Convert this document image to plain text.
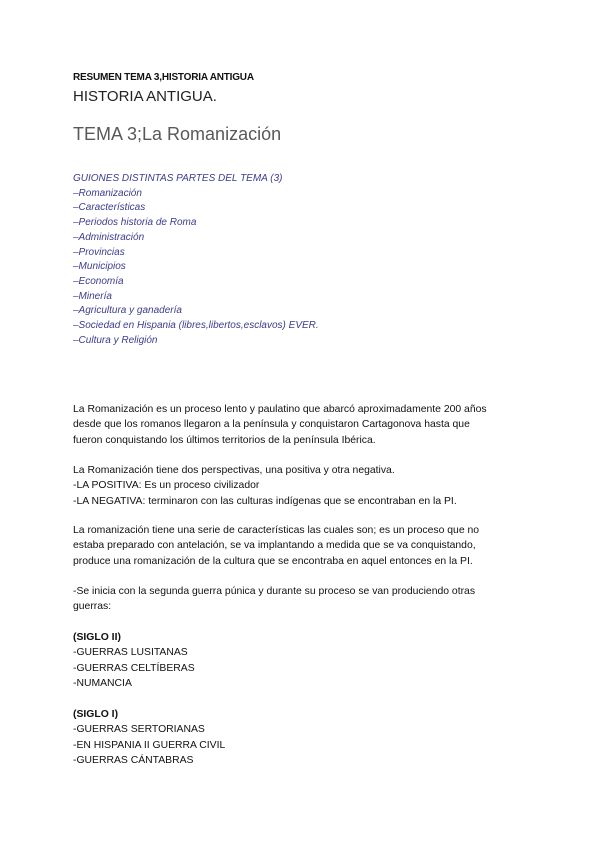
RESUMEN TEMA 3,HISTORIA ANTIGUA
HISTORIA ANTIGUA.
TEMA 3;La Romanización
GUIONES DISTINTAS PARTES DEL TEMA (3)
–Romanización
–Características
–Periodos historia de Roma
–Administración
–Provincias
–Municipios
–Economía
–Minería
–Agricultura y ganadería
–Sociedad en Hispania (libres,libertos,esclavos) EVER.
–Cultura y Religión
La Romanización es un proceso lento y paulatino que abarcó aproximadamente 200 años
desde que los romanos llegaron a la península y conquistaron Cartagonova hasta que
fueron conquistando los últimos territorios de la península Ibérica.
La Romanización tiene dos perspectivas, una positiva y otra negativa.
-LA POSITIVA: Es un proceso civilizador
-LA NEGATIVA: terminaron con las culturas indígenas que se encontraban en la PI.
La romanización tiene una serie de características las cuales son; es un proceso que no
estaba preparado con antelación, se va implantando a medida que se va conquistando,
produce una romanización de la cultura que se encontraba en aquel entonces en la PI.
-Se inicia con la segunda guerra púnica y durante su proceso se van produciendo otras
guerras:
(SIGLO II)
-GUERRAS LUSITANAS
-GUERRAS CELTÍBERAS
-NUMANCIA
(SIGLO I)
-GUERRAS SERTORIANAS
-EN HISPANIA II GUERRA CIVIL
-GUERRAS CÁNTABRAS
